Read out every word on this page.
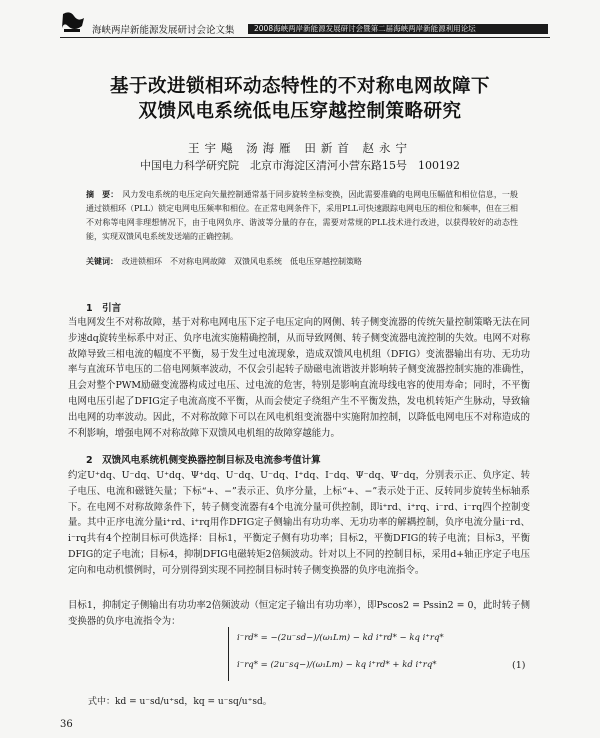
海峡两岸新能源发展研讨会论文集	2008海峡两岸新能源发展研讨会暨第二届海峡两岸新能源利用论坛
基于改进锁相环动态特性的不对称电网故障下
双馈风电系统低电压穿越控制策略研究
王宇飚 汤海雁 田新首 赵永宁
中国电力科学研究院　北京市海淀区清河小营东路15号　100192
摘　要： 风力发电系统的电压定向矢量控制通常基于同步旋转坐标变换，因此需要准确的电网电压幅值和相位信息，一般通过锁相环（PLL）锁定电网电压频率和相位。在正常电网条件下，采用PLL可快速跟踪电网电压的相位和频率，但在三相不对称等电网非理想情况下，由于电网负序、谐波等分量的存在，需要对常规的PLL技术进行改进，以获得较好的动态性能，实现双馈风电系统发送端的正确控制。
关键词： 改进锁相环　不对称电网故障　双馈风电系统　低电压穿越控制策略
1　引言
当电网发生不对称故障，基于对称电网电压下定子电压定向的网侧、转子侧变流器的传统矢量控制策略无法在同步速dq旋转坐标系中对正、负序电流实施精确控制，从而导致网侧、转子侧变流器电流控制的失效。电网不对称故障导致三相电流的幅度不平衡，易于发生过电流现象，造成双馈风电机组（DFIG）变流器输出有功、无功功率与直流环节电压的二倍电网频率波动，不仅会引起转子励磁电流谐波并影响转子侧变流器控制实施的准确性，且会对整个PWM励磁变流器构成过电压、过电流的危害，特别是影响直流母线电容的使用寿命；同时，不平衡电网电压引起了DFIG定子电流高度不平衡，从而会使定子绕组产生不平衡发热，发电机转矩产生脉动，导致输出电网的功率波动。因此，不对称故障下可以在风电机组变流器中实施附加控制，以降低电网电压不对称造成的不利影响，增强电网不对称故障下双馈风电机组的故障穿越能力。
2　双馈风电系统机侧变换器控制目标及电流参考值计算
约定U⁺dq、U⁻dq、U⁺dq、Ψ⁺dq、U⁻dq、U⁻dq、I⁺dq、I⁻dq、Ψ⁻dq、Ψ⁻dq，分别表示正、负序定、转子电压、电流和磁链矢量；下标“+、−”表示正、负序分量，上标“+、−”表示处于正、反转同步旋转坐标轴系下。在电网不对称故障条件下，转子侧变流器有4个电流分量可供控制，即i⁺rd、i⁺rq、i⁻rd、i⁻rq四个控制变量。其中正序电流分量i⁺rd、i⁺rq用作DFIG定子侧输出有功功率、无功功率的解耦控制，负序电流分量i⁻rd、i⁻rq共有4个控制目标可供选择：目标1，平衡定子侧有功功率；目标2，平衡DFIG的转子电流；目标3，平衡DFIG的定子电流；目标4，抑制DFIG电磁转矩2倍频波动。针对以上不同的控制目标，采用d+轴正序定子电压定向和电动机惯例时，可分别得到实现不同控制目标时转子侧变换器的负序电流指令。
目标1，抑制定子侧输出有功功率2倍频波动（恒定定子输出有功功率），即Pscos2 = Pssin2 = 0，此时转子侧变换器的负序电流指令为：
i⁻rd* = −(2u⁻sd−)/(ω₁Lm) − kd i⁺rd* − kq i⁺rq*
i⁻rq* = (2u⁻sq−)/(ω₁Lm) − kq i⁺rd* + kd i⁺rq*	(1)
式中：kd = u⁻sd/u⁺sd，kq = u⁻sq/u⁺sd。
36
